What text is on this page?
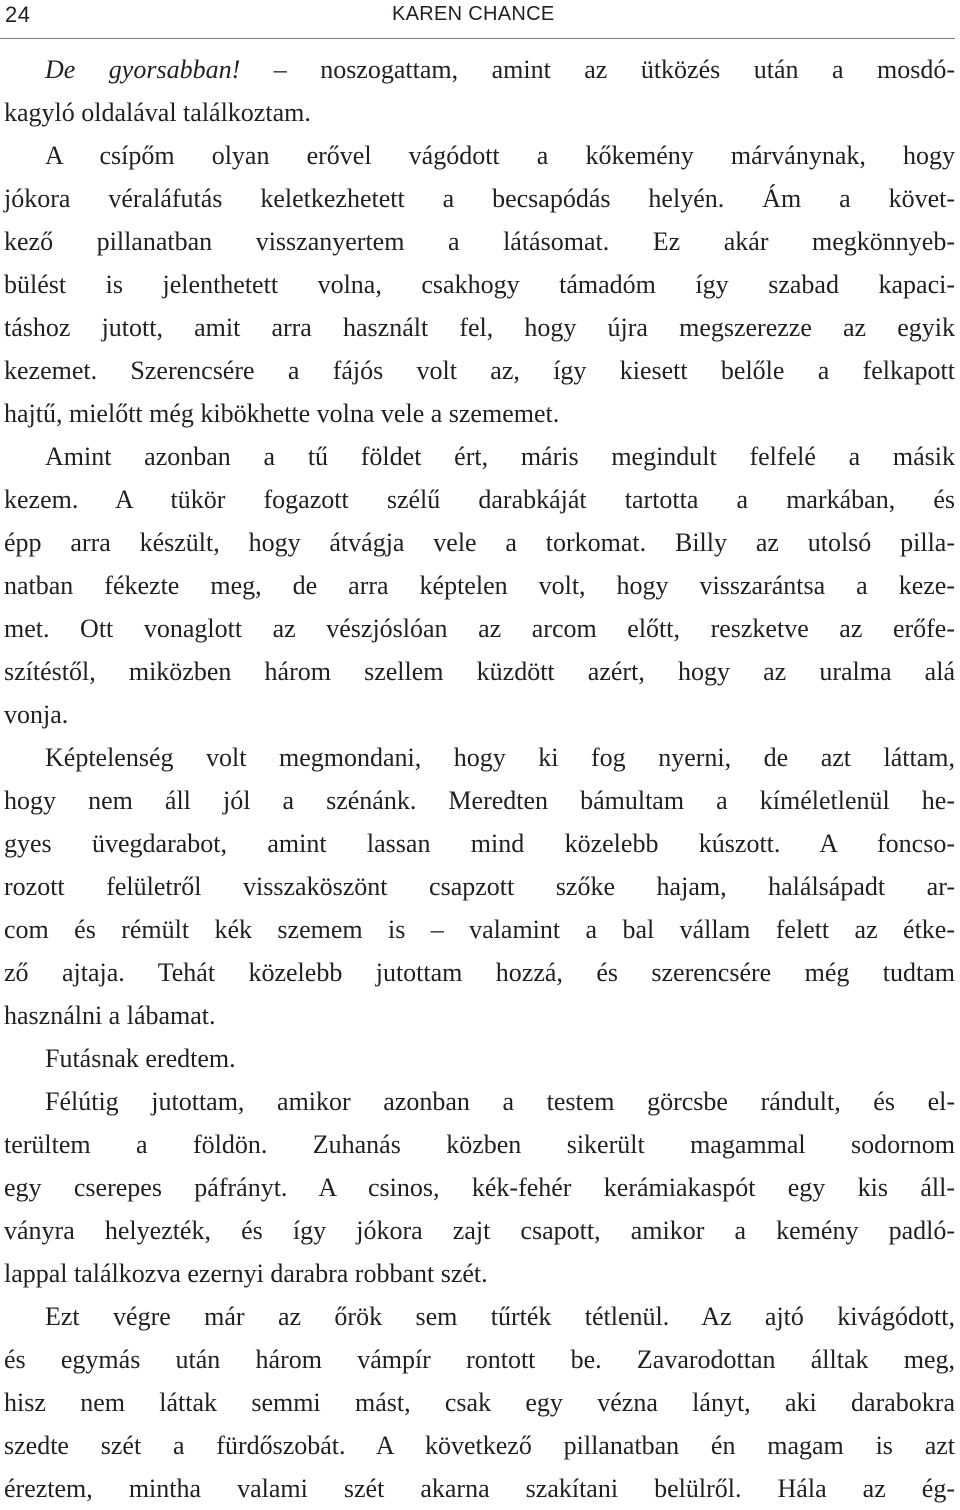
24	KAREN CHANCE
De gyorsabban! – noszogattam, amint az ütközés után a mosdó-
kagyló oldalával találkoztam.
A csípőm olyan erővel vágódott a kőkemény márványnak, hogy
jókora véraláfutás keletkezhetett a becsapódás helyén. Ám a követ-
kező pillanatban visszanyertem a látásomat. Ez akár megkönnyeb-
bülést is jelenthetett volna, csakhogy támadóm így szabad kapaci-
táshoz jutott, amit arra használt fel, hogy újra megszerezze az egyik
kezemet. Szerencsére a fájós volt az, így kiesett belőle a felkapott
hajtű, mielőtt még kibökhette volna vele a szememet.
Amint azonban a tű földet ért, máris megindult felfelé a másik
kezem. A tükör fogazott szélű darabkáját tartotta a markában, és
épp arra készült, hogy átvágja vele a torkomat. Billy az utolsó pilla-
natban fékezte meg, de arra képtelen volt, hogy visszarántsa a keze-
met. Ott vonaglott az vészjóslóan az arcom előtt, reszketve az erőfe-
szítéstől, miközben három szellem küzdött azért, hogy az uralma alá
vonja.
Képtelenség volt megmondani, hogy ki fog nyerni, de azt láttam,
hogy nem áll jól a szénánk. Meredten bámultam a kíméletlenül he-
gyes üvegdarabot, amint lassan mind közelebb kúszott. A foncso-
rozott felületről visszaköszönt csapzott szőke hajam, halálsápadt ar-
com és rémült kék szemem is – valamint a bal vállam felett az étke-
ző ajtaja. Tehát közelebb jutottam hozzá, és szerencsére még tudtam
használni a lábamat.
Futásnak eredtem.
Félútig jutottam, amikor azonban a testem görcsbe rándult, és el-
terültem a földön. Zuhanás közben sikerült magammal sodornom
egy cserepes páfrányt. A csinos, kék-fehér kerámiakaspót egy kis áll-
ványra helyezték, és így jókora zajt csapott, amikor a kemény padló-
lappal találkozva ezernyi darabra robbant szét.
Ezt végre már az őrök sem tűrték tétlenül. Az ajtó kivágódott,
és egymás után három vámpír rontott be. Zavarodottan álltak meg,
hisz nem láttak semmi mást, csak egy vézna lányt, aki darabokra
szedte szét a fürdőszobát. A következő pillanatban én magam is azt
éreztem, mintha valami szét akarna szakítani belülről. Hála az ég-
